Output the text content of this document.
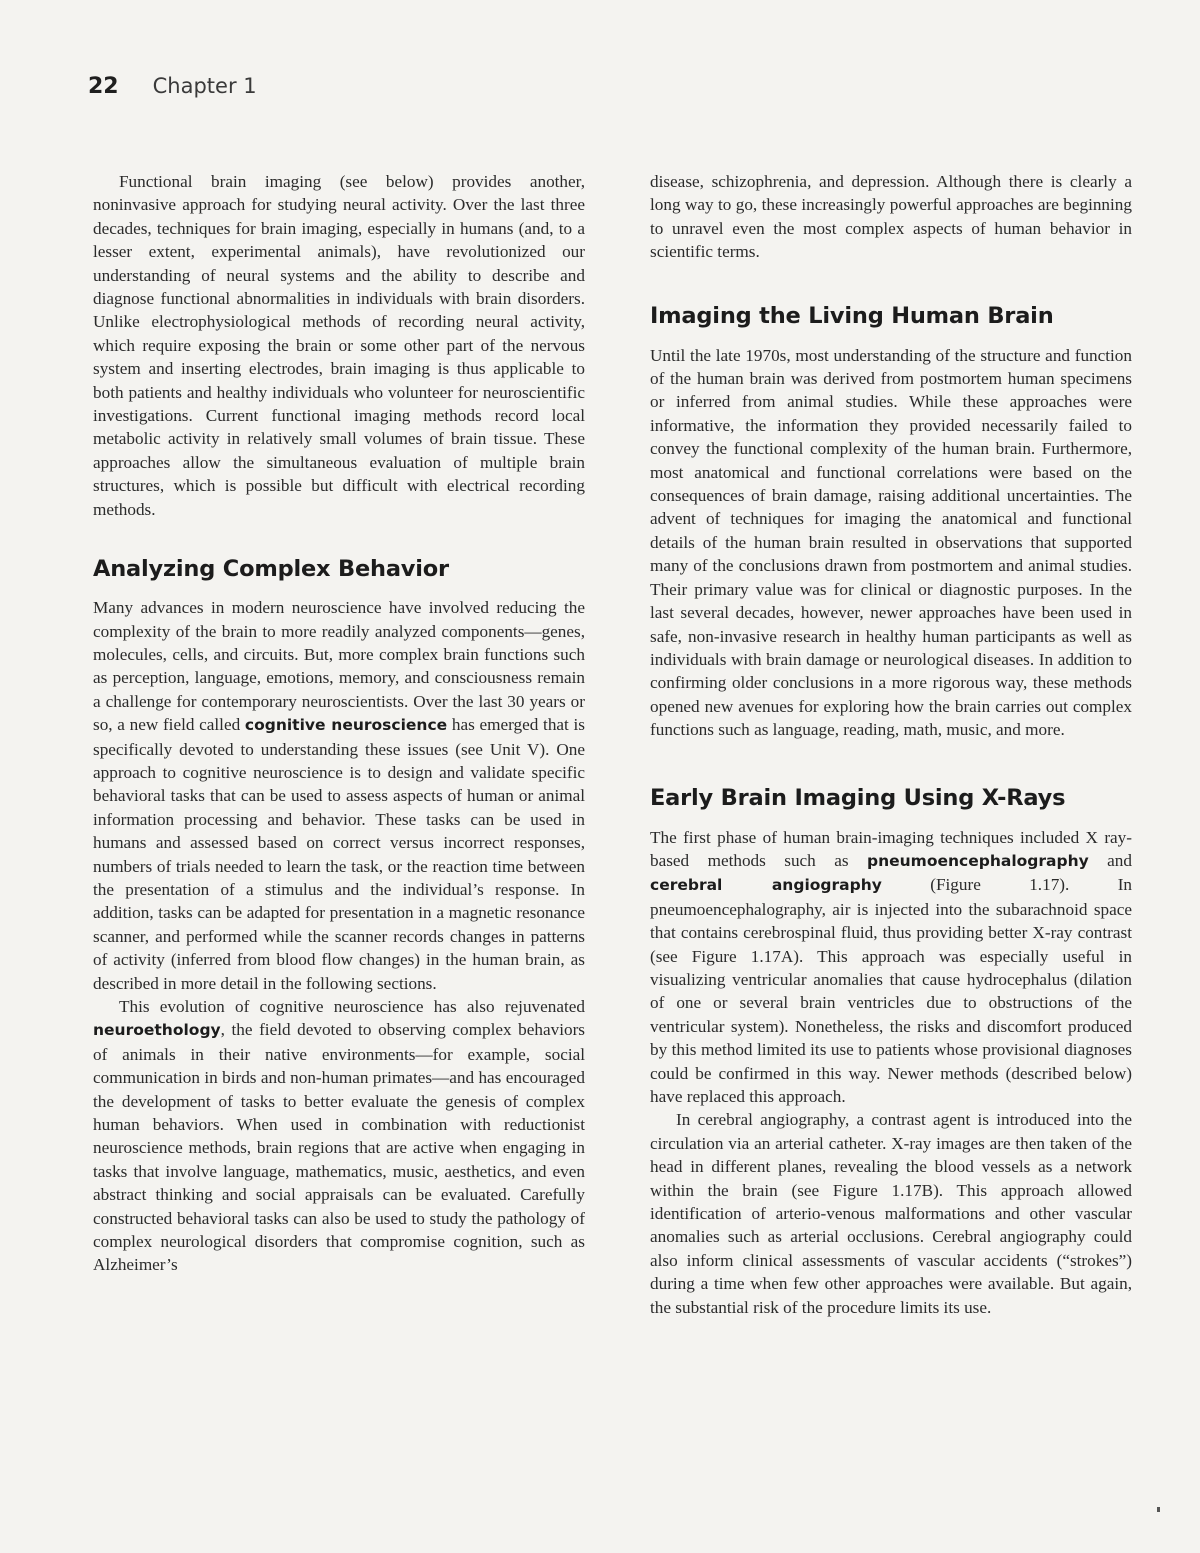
22 Chapter 1

Functional brain imaging (see below) provides another, noninvasive approach for studying neural activity. Over the last three decades, techniques for brain imaging, especially in humans (and, to a lesser extent, experimental animals), have revolutionized our understanding of neural systems and the ability to describe and diagnose functional abnormalities in individuals with brain disorders. Unlike electrophysiological methods of recording neural activity, which require exposing the brain or some other part of the nervous system and inserting electrodes, brain imaging is thus applicable to both patients and healthy individuals who volunteer for neuroscientific investigations. Current functional imaging methods record local metabolic activity in relatively small volumes of brain tissue. These approaches allow the simultaneous evaluation of multiple brain structures, which is possible but difficult with electrical recording methods.

Analyzing Complex Behavior

Many advances in modern neuroscience have involved reducing the complexity of the brain to more readily analyzed components—genes, molecules, cells, and circuits. But, more complex brain functions such as perception, language, emotions, memory, and consciousness remain a challenge for contemporary neuroscientists. Over the last 30 years or so, a new field called cognitive neuroscience has emerged that is specifically devoted to understanding these issues (see Unit V). One approach to cognitive neuroscience is to design and validate specific behavioral tasks that can be used to assess aspects of human or animal information processing and behavior. These tasks can be used in humans and assessed based on correct versus incorrect responses, numbers of trials needed to learn the task, or the reaction time between the presentation of a stimulus and the individual’s response. In addition, tasks can be adapted for presentation in a magnetic resonance scanner, and performed while the scanner records changes in patterns of activity (inferred from blood flow changes) in the human brain, as described in more detail in the following sections.

This evolution of cognitive neuroscience has also rejuvenated neuroethology, the field devoted to observing complex behaviors of animals in their native environments—for example, social communication in birds and non-human primates—and has encouraged the development of tasks to better evaluate the genesis of complex human behaviors. When used in combination with reductionist neuroscience methods, brain regions that are active when engaging in tasks that involve language, mathematics, music, aesthetics, and even abstract thinking and social appraisals can be evaluated. Carefully constructed behavioral tasks can also be used to study the pathology of complex neurological disorders that compromise cognition, such as Alzheimer’s

disease, schizophrenia, and depression. Although there is clearly a long way to go, these increasingly powerful approaches are beginning to unravel even the most complex aspects of human behavior in scientific terms.

Imaging the Living Human Brain

Until the late 1970s, most understanding of the structure and function of the human brain was derived from postmortem human specimens or inferred from animal studies. While these approaches were informative, the information they provided necessarily failed to convey the functional complexity of the human brain. Furthermore, most anatomical and functional correlations were based on the consequences of brain damage, raising additional uncertainties. The advent of techniques for imaging the anatomical and functional details of the human brain resulted in observations that supported many of the conclusions drawn from postmortem and animal studies. Their primary value was for clinical or diagnostic purposes. In the last several decades, however, newer approaches have been used in safe, non-invasive research in healthy human participants as well as individuals with brain damage or neurological diseases. In addition to confirming older conclusions in a more rigorous way, these methods opened new avenues for exploring how the brain carries out complex functions such as language, reading, math, music, and more.

Early Brain Imaging Using X-Rays

The first phase of human brain-imaging techniques included X ray-based methods such as pneumoencephalography and cerebral angiography (Figure 1.17). In pneumoencephalography, air is injected into the subarachnoid space that contains cerebrospinal fluid, thus providing better X-ray contrast (see Figure 1.17A). This approach was especially useful in visualizing ventricular anomalies that cause hydrocephalus (dilation of one or several brain ventricles due to obstructions of the ventricular system). Nonetheless, the risks and discomfort produced by this method limited its use to patients whose provisional diagnoses could be confirmed in this way. Newer methods (described below) have replaced this approach.

In cerebral angiography, a contrast agent is introduced into the circulation via an arterial catheter. X-ray images are then taken of the head in different planes, revealing the blood vessels as a network within the brain (see Figure 1.17B). This approach allowed identification of arterio-venous malformations and other vascular anomalies such as arterial occlusions. Cerebral angiography could also inform clinical assessments of vascular accidents (“strokes”) during a time when few other approaches were available. But again, the substantial risk of the procedure limits its use.
